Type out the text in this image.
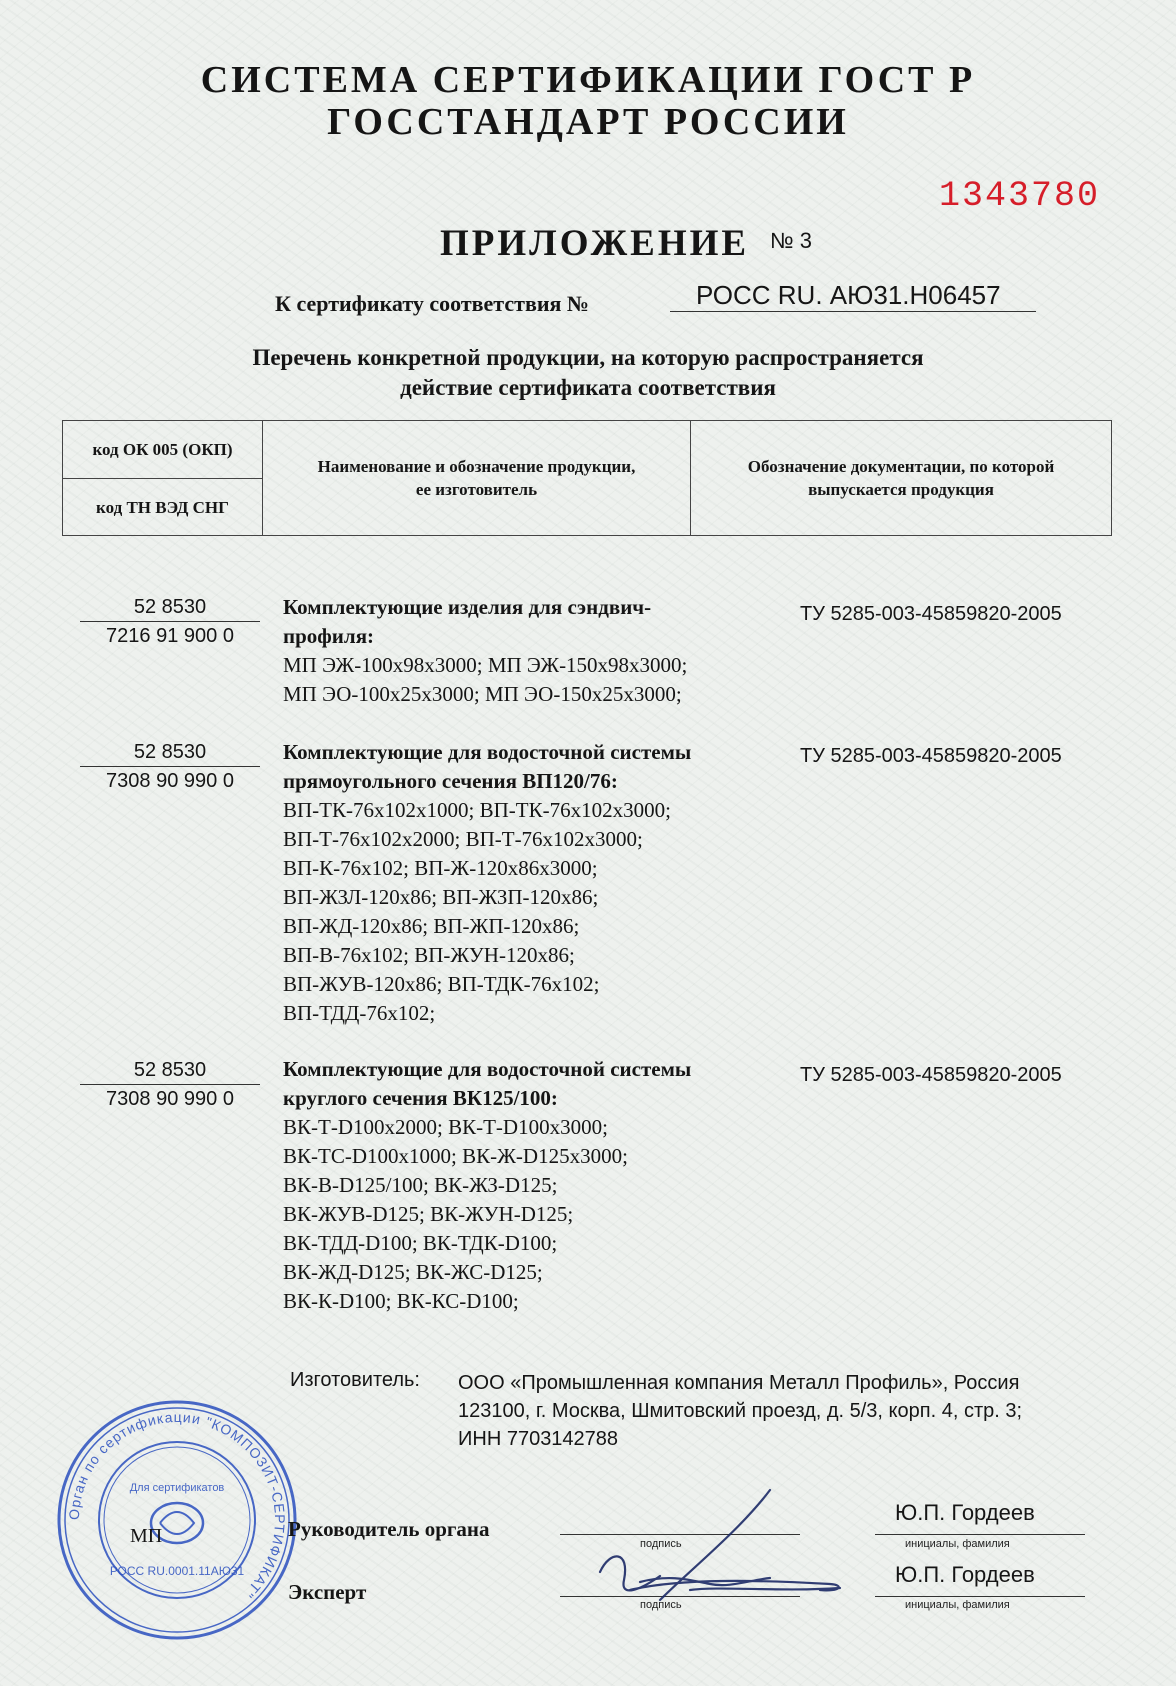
СИСТЕМА СЕРТИФИКАЦИИ ГОСТ Р
ГОССТАНДАРТ РОССИИ
1343780
ПРИЛОЖЕНИЕ № 3
К сертификату соответствия №	РОСС RU. АЮ31.Н06457
Перечень конкретной продукции, на которую распространяется
действие сертификата соответствия
код ОК 005 (ОКП)
код ТН ВЭД СНГ
Наименование и обозначение продукции, ее изготовитель
Обозначение документации, по которой выпускается продукция
52 8530
7216 91 900 0
Комплектующие изделия для сэндвич-
профиля:
МП ЭЖ-100x98x3000; МП ЭЖ-150x98x3000;
МП ЭО-100x25x3000; МП ЭО-150x25x3000;
ТУ 5285-003-45859820-2005
52 8530
7308 90 990 0
Комплектующие для водосточной системы
прямоугольного сечения ВП120/76:
ВП-ТК-76x102x1000; ВП-ТК-76x102x3000;
ВП-Т-76x102x2000; ВП-Т-76x102x3000;
ВП-К-76x102; ВП-Ж-120x86x3000;
ВП-ЖЗЛ-120x86; ВП-ЖЗП-120x86;
ВП-ЖД-120x86; ВП-ЖП-120x86;
ВП-В-76x102; ВП-ЖУН-120x86;
ВП-ЖУВ-120x86; ВП-ТДК-76x102;
ВП-ТДД-76x102;
ТУ 5285-003-45859820-2005
52 8530
7308 90 990 0
Комплектующие для водосточной системы
круглого сечения ВК125/100:
ВК-Т-D100x2000; ВК-Т-D100x3000;
ВК-ТС-D100x1000; ВК-Ж-D125x3000;
ВК-В-D125/100; ВК-ЖЗ-D125;
ВК-ЖУВ-D125; ВК-ЖУН-D125;
ВК-ТДД-D100; ВК-ТДК-D100;
ВК-ЖД-D125; ВК-ЖС-D125;
ВК-К-D100; ВК-КС-D100;
ТУ 5285-003-45859820-2005
Изготовитель: ООО «Промышленная компания Металл Профиль», Россия
123100, г. Москва, Шмитовский проезд, д. 5/3, корп. 4, стр. 3;
ИНН 7703142788
Орган по сертификации "КОМПОЗИТ-СЕРТИФИКАТ"
Для сертификатов
РОСС RU.0001.11АЮ31
Руководитель органа
МП
Эксперт
подпись
подпись
Ю.П. Гордеев
инициалы, фамилия
Ю.П. Гордеев
инициалы, фамилия
